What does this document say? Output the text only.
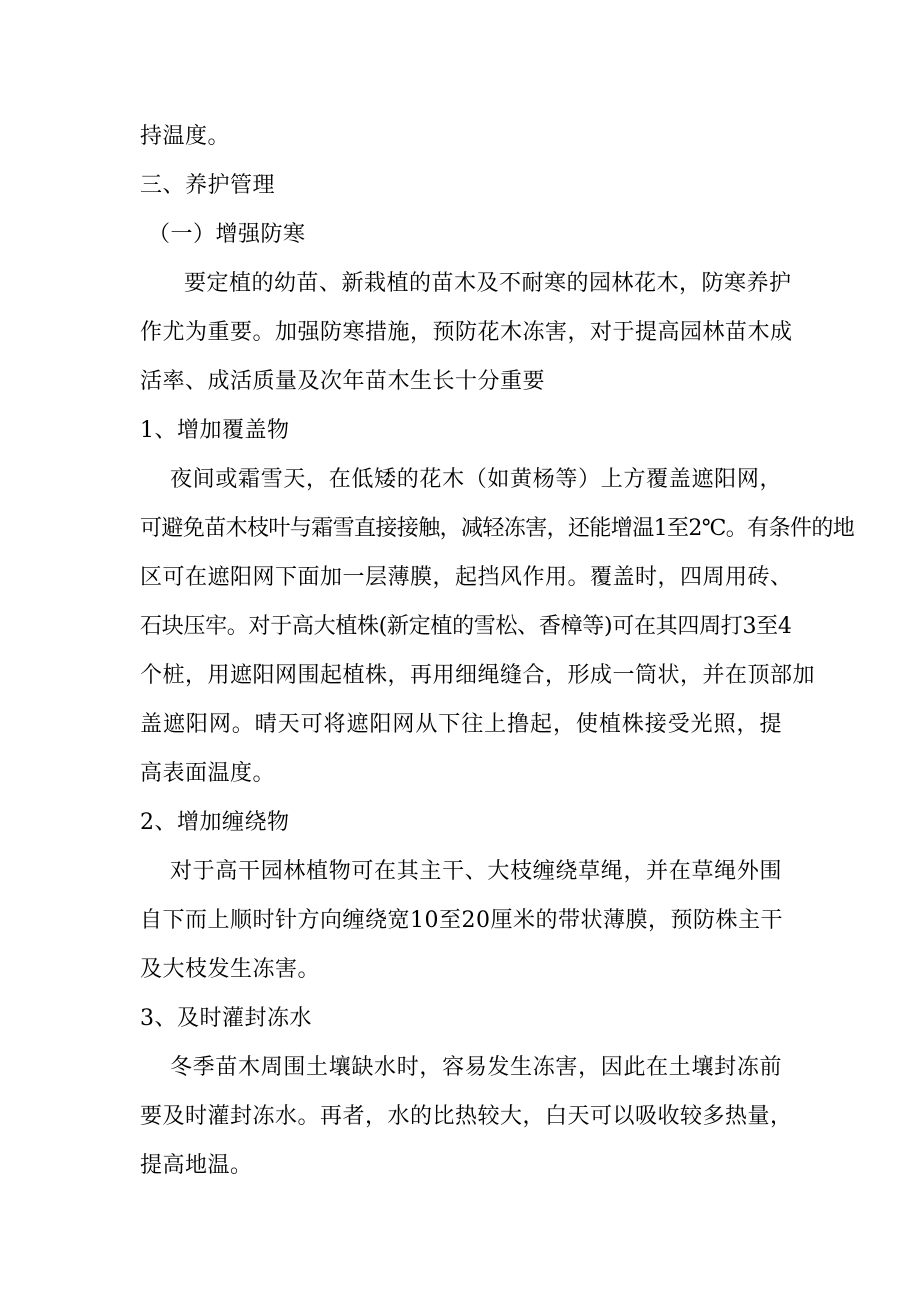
持温度。
三、养护管理
（一）增强防寒
要定植的幼苗、新栽植的苗木及不耐寒的园林花木，防寒养护
作尤为重要。加强防寒措施，预防花木冻害，对于提高园林苗木成
活率、成活质量及次年苗木生长十分重要
1、增加覆盖物
夜间或霜雪天，在低矮的花木（如黄杨等）上方覆盖遮阳网，
可避免苗木枝叶与霜雪直接接触，减轻冻害，还能增温1至2℃。有条件的地
区可在遮阳网下面加一层薄膜，起挡风作用。覆盖时，四周用砖、
石块压牢。对于高大植株(新定植的雪松、香樟等)可在其四周打3至4
个桩，用遮阳网围起植株，再用细绳缝合，形成一筒状，并在顶部加
盖遮阳网。晴天可将遮阳网从下往上撸起，使植株接受光照，提
高表面温度。
2、增加缠绕物
对于高干园林植物可在其主干、大枝缠绕草绳，并在草绳外围
自下而上顺时针方向缠绕宽10至20厘米的带状薄膜，预防株主干
及大枝发生冻害。
3、及时灌封冻水
冬季苗木周围土壤缺水时，容易发生冻害，因此在土壤封冻前
要及时灌封冻水。再者，水的比热较大，白天可以吸收较多热量，
提高地温。
